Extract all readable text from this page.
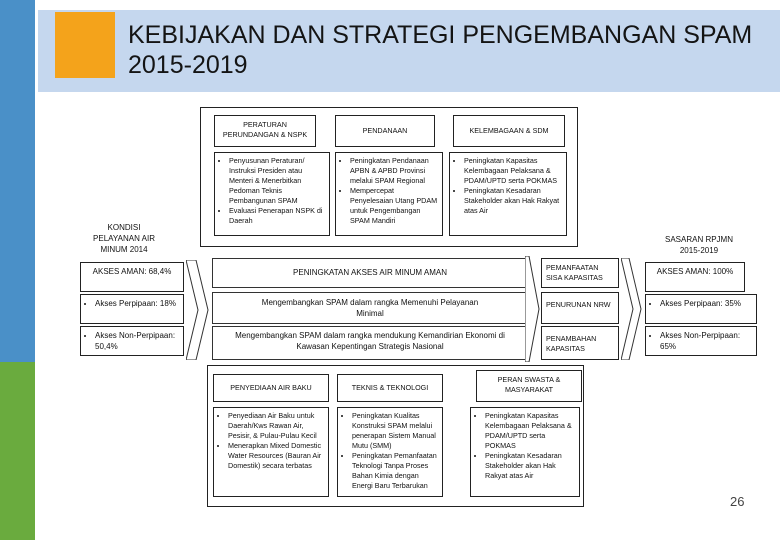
KEBIJAKAN DAN STRATEGI PENGEMBANGAN SPAM 2015-2019
PERATURAN PERUNDANGAN & NSPK
• Penyusunan Peraturan/ Instruksi Presiden atau Menteri & Menerbitkan Pedoman Teknis Pembangunan SPAM
• Evaluasi Penerapan NSPK di Daerah
PENDANAAN
• Peningkatan Pendanaan APBN & APBD Provinsi melalui SPAM Regional
• Mempercepat Penyelesaian Utang PDAM untuk Pengembangan SPAM Mandiri
KELEMBAGAAN & SDM
• Peningkatan Kapasitas Kelembagaan Pelaksana & PDAM/UPTD serta POKMAS
• Peningkatan Kesadaran Stakeholder akan Hak Rakyat atas Air
KONDISI PELAYANAN AIR MINUM 2014
AKSES AMAN: 68,4%
• Akses Perpipaan: 18%
• Akses Non-Perpipaan: 50,4%
PENINGKATAN AKSES AIR MINUM AMAN
Mengembangkan SPAM dalam rangka Memenuhi Pelayanan Minimal
Mengembangkan SPAM dalam rangka mendukung Kemandirian Ekonomi di Kawasan Kepentingan Strategis Nasional
PEMANFAATAN SISA KAPASITAS
PENURUNAN NRW
PENAMBAHAN KAPASITAS
SASARAN RPJMN 2015-2019
AKSES AMAN: 100%
• Akses Perpipaan: 35%
• Akses Non-Perpipaan: 65%
PENYEDIAAN AIR BAKU
• Penyediaan Air Baku untuk Daerah/Kws Rawan Air, Pesisir, & Pulau-Pulau Kecil
• Menerapkan Mixed Domestic Water Resources (Bauran Air Domestik) secara terbatas
TEKNIS & TEKNOLOGI
• Peningkatan Kualitas Konstruksi SPAM melalui penerapan Sistem Manual Mutu (SMM)
• Peningkatan Pemanfaatan Teknologi Tanpa Proses Bahan Kimia dengan Energi Baru Terbarukan
PERAN SWASTA & MASYARAKAT
• Peningkatan Kapasitas Kelembagaan Pelaksana & PDAM/UPTD serta POKMAS
• Peningkatan Kesadaran Stakeholder akan Hak Rakyat atas Air
26
